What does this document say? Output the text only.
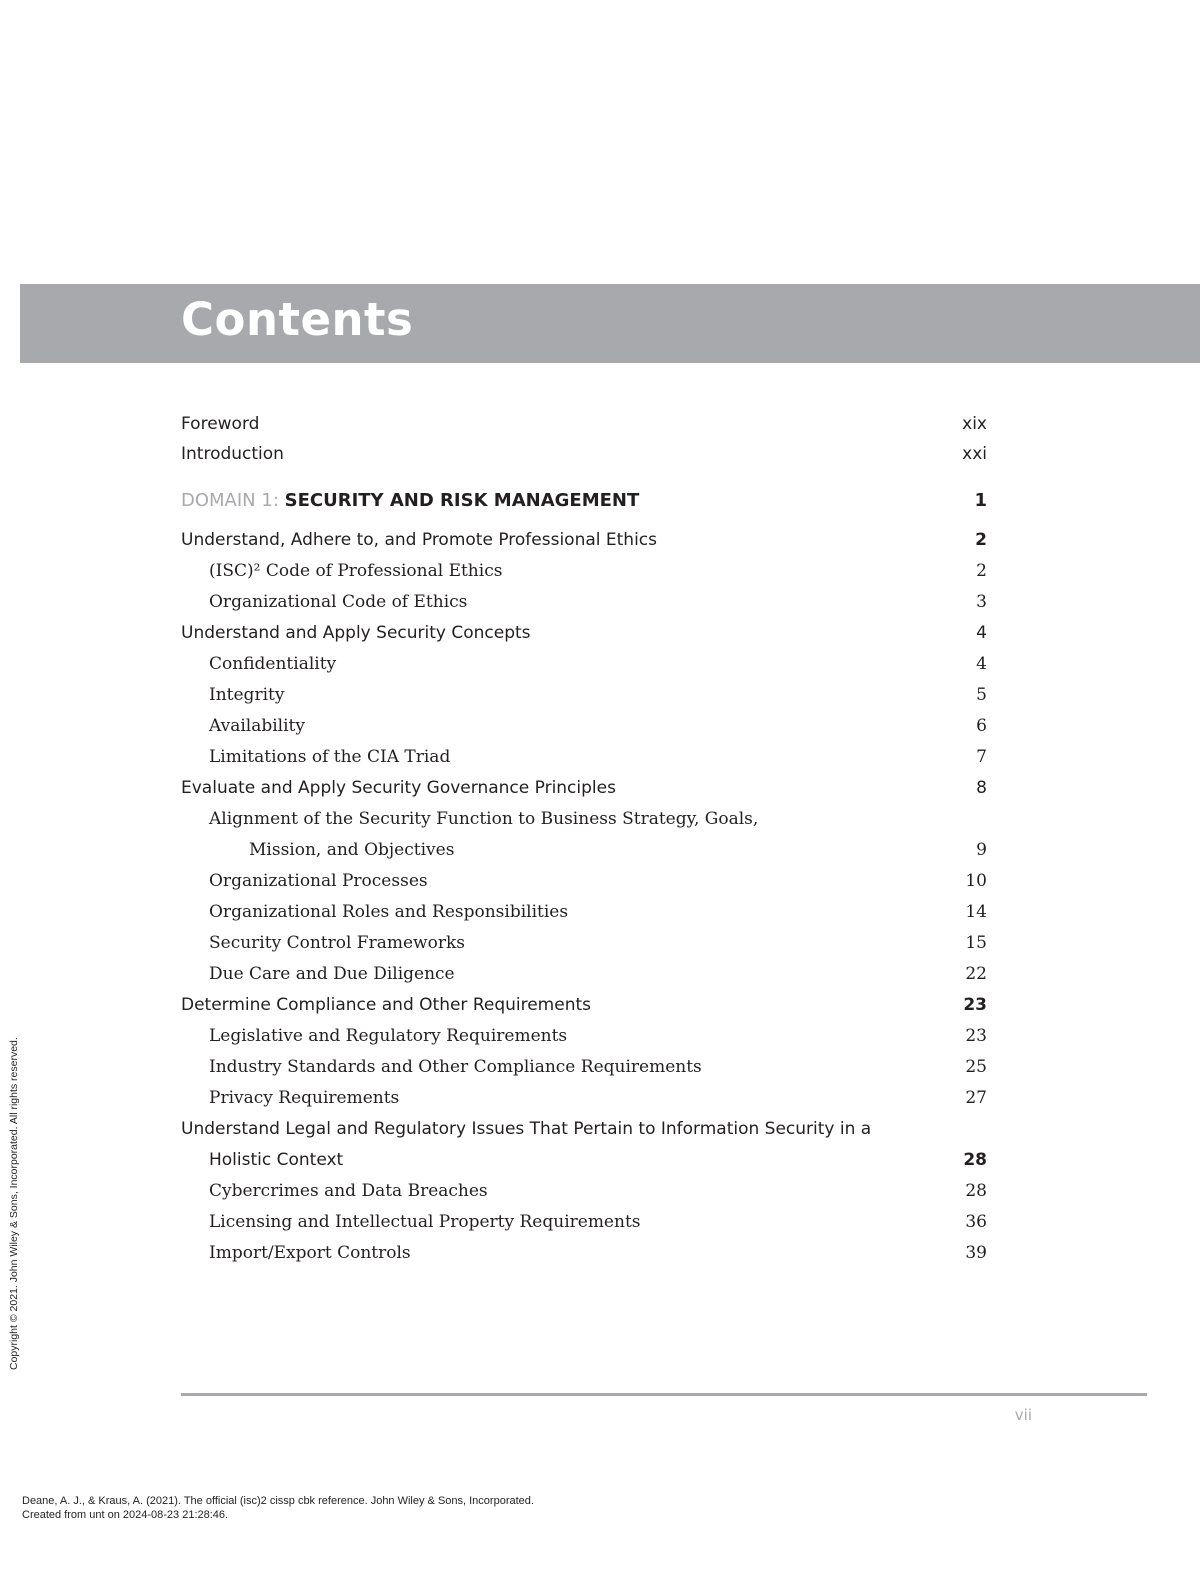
Contents
Foreword	xix
Introduction	xxi
DOMAIN 1: SECURITY AND RISK MANAGEMENT	1
Understand, Adhere to, and Promote Professional Ethics	2
(ISC)² Code of Professional Ethics	2
Organizational Code of Ethics	3
Understand and Apply Security Concepts	4
Confidentiality	4
Integrity	5
Availability	6
Limitations of the CIA Triad	7
Evaluate and Apply Security Governance Principles	8
Alignment of the Security Function to Business Strategy, Goals,
Mission, and Objectives	9
Organizational Processes	10
Organizational Roles and Responsibilities	14
Security Control Frameworks	15
Due Care and Due Diligence	22
Determine Compliance and Other Requirements	23
Legislative and Regulatory Requirements	23
Industry Standards and Other Compliance Requirements	25
Privacy Requirements	27
Understand Legal and Regulatory Issues That Pertain to Information Security in a
Holistic Context	28
Cybercrimes and Data Breaches	28
Licensing and Intellectual Property Requirements	36
Import/Export Controls	39
vii
Copyright © 2021. John Wiley & Sons, Incorporated. All rights reserved.
Deane, A. J., & Kraus, A. (2021). The official (isc)2 cissp cbk reference. John Wiley & Sons, Incorporated.
Created from unt on 2024-08-23 21:28:46.
